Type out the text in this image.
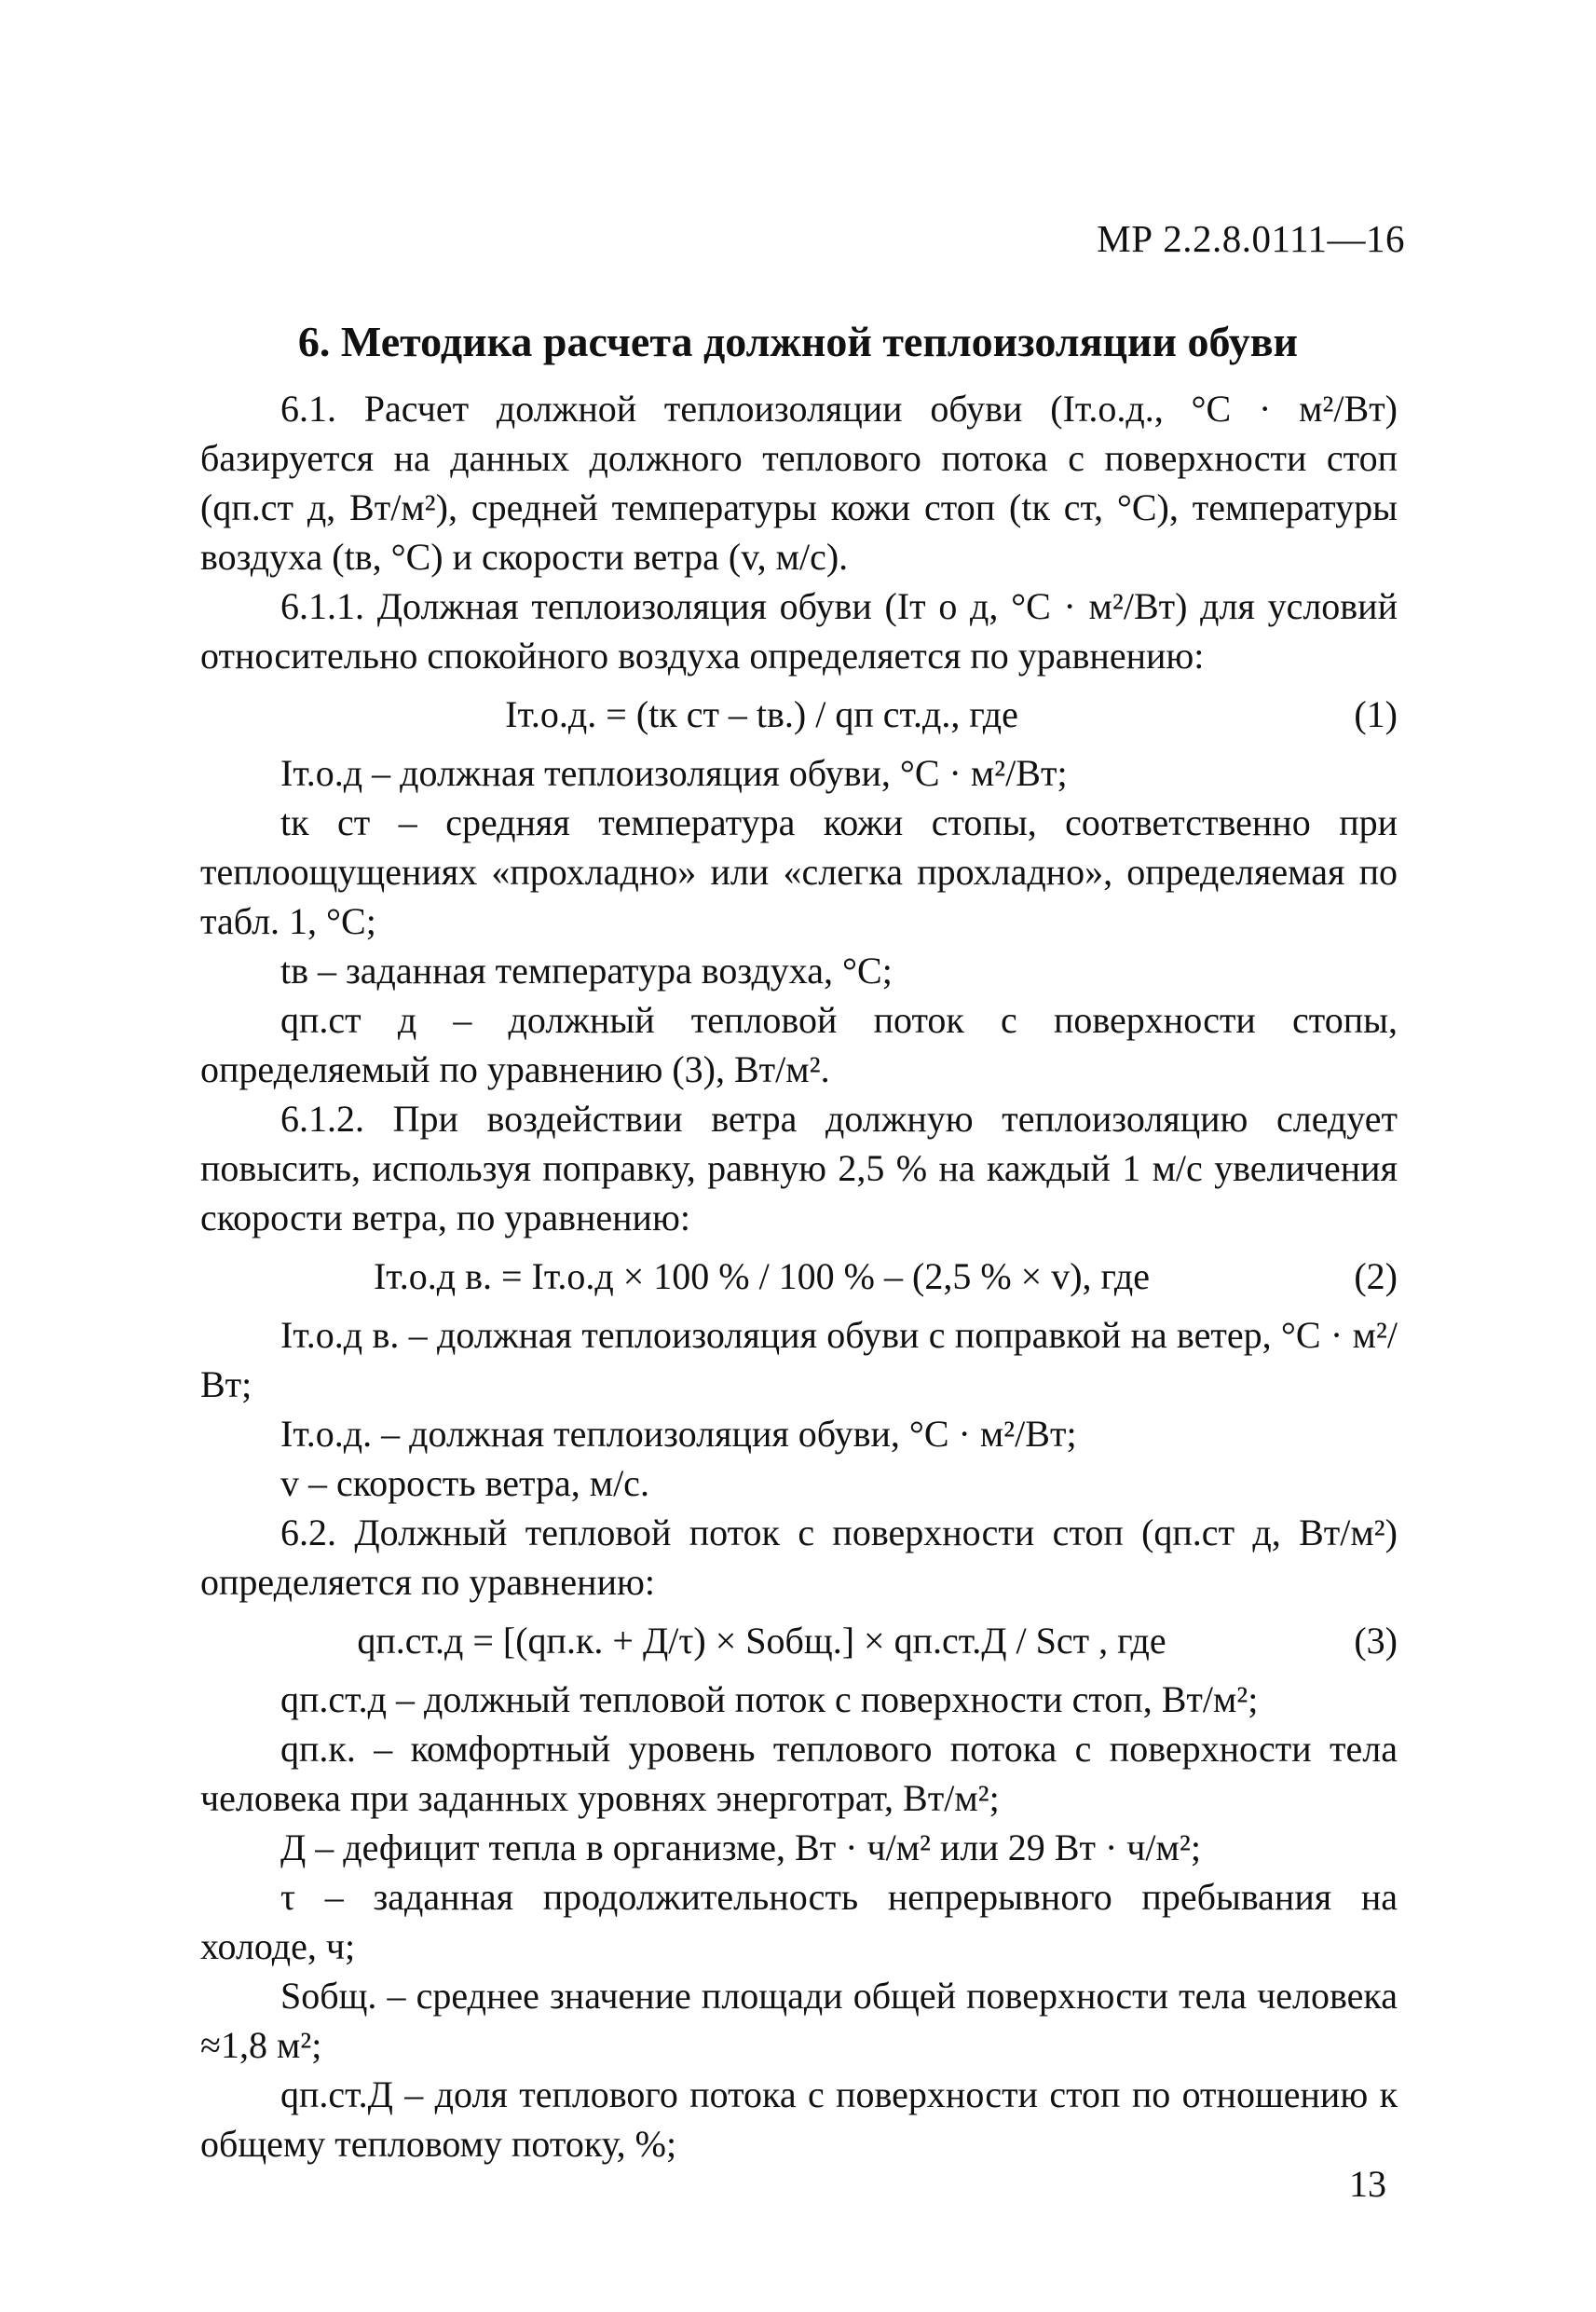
МР 2.2.8.0111—16
6. Методика расчета должной теплоизоляции обуви

6.1. Расчет должной теплоизоляции обуви (Iт.о.д., °С · м²/Вт) базируется на данных должного теплового потока с поверхности стоп (qп.ст д, Вт/м²), средней температуры кожи стоп (tк ст, °С), температуры воздуха (tв, °С) и скорости ветра (v, м/с).

6.1.1. Должная теплоизоляция обуви (Iт о д, °С · м²/Вт) для условий относительно спокойного воздуха определяется по уравнению:

Iт.о.д. = (tк ст – tв.) / qп ст.д., где	(1)

Iт.о.д – должная теплоизоляция обуви, °С · м²/Вт;

tк ст – средняя температура кожи стопы, соответственно при теплоощущениях «прохладно» или «слегка прохладно», определяемая по табл. 1, °С;

tв – заданная температура воздуха, °С;

qп.ст д – должный тепловой поток с поверхности стопы, определяемый по уравнению (3), Вт/м².

6.1.2. При воздействии ветра должную теплоизоляцию следует повысить, используя поправку, равную 2,5 % на каждый 1 м/с увеличения скорости ветра, по уравнению:

Iт.о.д в. = Iт.о.д × 100 % / 100 % – (2,5 % × v), где	(2)

Iт.о.д в. – должная теплоизоляция обуви с поправкой на ветер, °С · м²/Вт;

Iт.о.д. – должная теплоизоляция обуви, °С · м²/Вт;

v – скорость ветра, м/с.

6.2. Должный тепловой поток с поверхности стоп (qп.ст д, Вт/м²) определяется по уравнению:

qп.ст.д = [(qп.к. + Д/τ) × Sобщ.] × qп.ст.Д / Sст , где	(3)

qп.ст.д – должный тепловой поток с поверхности стоп, Вт/м²;

qп.к. – комфортный уровень теплового потока с поверхности тела человека при заданных уровнях энерготрат, Вт/м²;

Д – дефицит тепла в организме, Вт · ч/м² или 29 Вт · ч/м²;

τ – заданная продолжительность непрерывного пребывания на холоде, ч;

Sобщ. – среднее значение площади общей поверхности тела человека ≈1,8 м²;

qп.ст.Д – доля теплового потока с поверхности стоп по отношению к общему тепловому потоку, %;

13
